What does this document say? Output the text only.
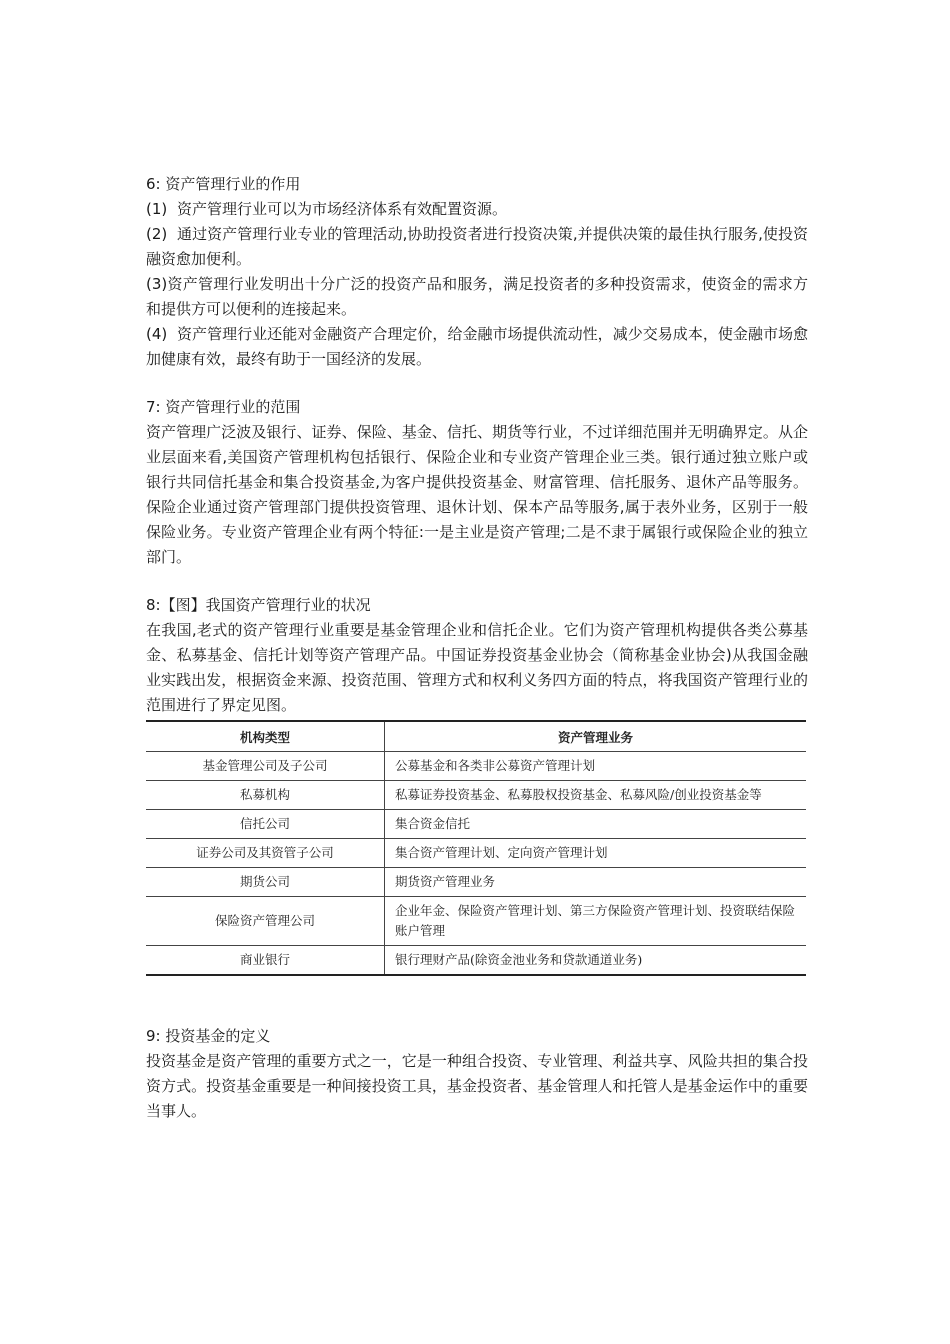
6: 资产管理行业的作用

(1) 资产管理行业可以为市场经济体系有效配置资源。

(2) 通过资产管理行业专业的管理活动,协助投资者进行投资决策,并提供决策的最佳执行服务,使投资融资愈加便利。

(3)资产管理行业发明出十分广泛的投资产品和服务，满足投资者的多种投资需求，使资金的需求方和提供方可以便利的连接起来。

(4) 资产管理行业还能对金融资产合理定价，给金融市场提供流动性，减少交易成本，使金融市场愈加健康有效，最终有助于一国经济的发展。

7: 资产管理行业的范围

资产管理广泛波及银行、证券、保险、基金、信托、期货等行业，不过详细范围并无明确界定。从企业层面来看,美国资产管理机构包括银行、保险企业和专业资产管理企业三类。银行通过独立账户或银行共同信托基金和集合投资基金,为客户提供投资基金、财富管理、信托服务、退休产品等服务。保险企业通过资产管理部门提供投资管理、退休计划、保本产品等服务,属于表外业务，区别于一般保险业务。专业资产管理企业有两个特征:一是主业是资产管理;二是不隶于属银行或保险企业的独立部门。

8:【图】我国资产管理行业的状况

在我国,老式的资产管理行业重要是基金管理企业和信托企业。它们为资产管理机构提供各类公募基金、私募基金、信托计划等资产管理产品。中国证券投资基金业协会（简称基金业协会)从我国金融业实践出发，根据资金来源、投资范围、管理方式和权利义务四方面的特点，将我国资产管理行业的范围进行了界定见图。

机构类型	资产管理业务
基金管理公司及子公司	公募基金和各类非公募资产管理计划
私募机构	私募证券投资基金、私募股权投资基金、私募风险/创业投资基金等
信托公司	集合资金信托
证券公司及其资管子公司	集合资产管理计划、定向资产管理计划
期货公司	期货资产管理业务
保险资产管理公司	企业年金、保险资产管理计划、第三方保险资产管理计划、投资联结保险账户管理
商业银行	银行理财产品(除资金池业务和贷款通道业务)

9: 投资基金的定义

投资基金是资产管理的重要方式之一，它是一种组合投资、专业管理、利益共享、风险共担的集合投资方式。投资基金重要是一种间接投资工具，基金投资者、基金管理人和托管人是基金运作中的重要当事人。
